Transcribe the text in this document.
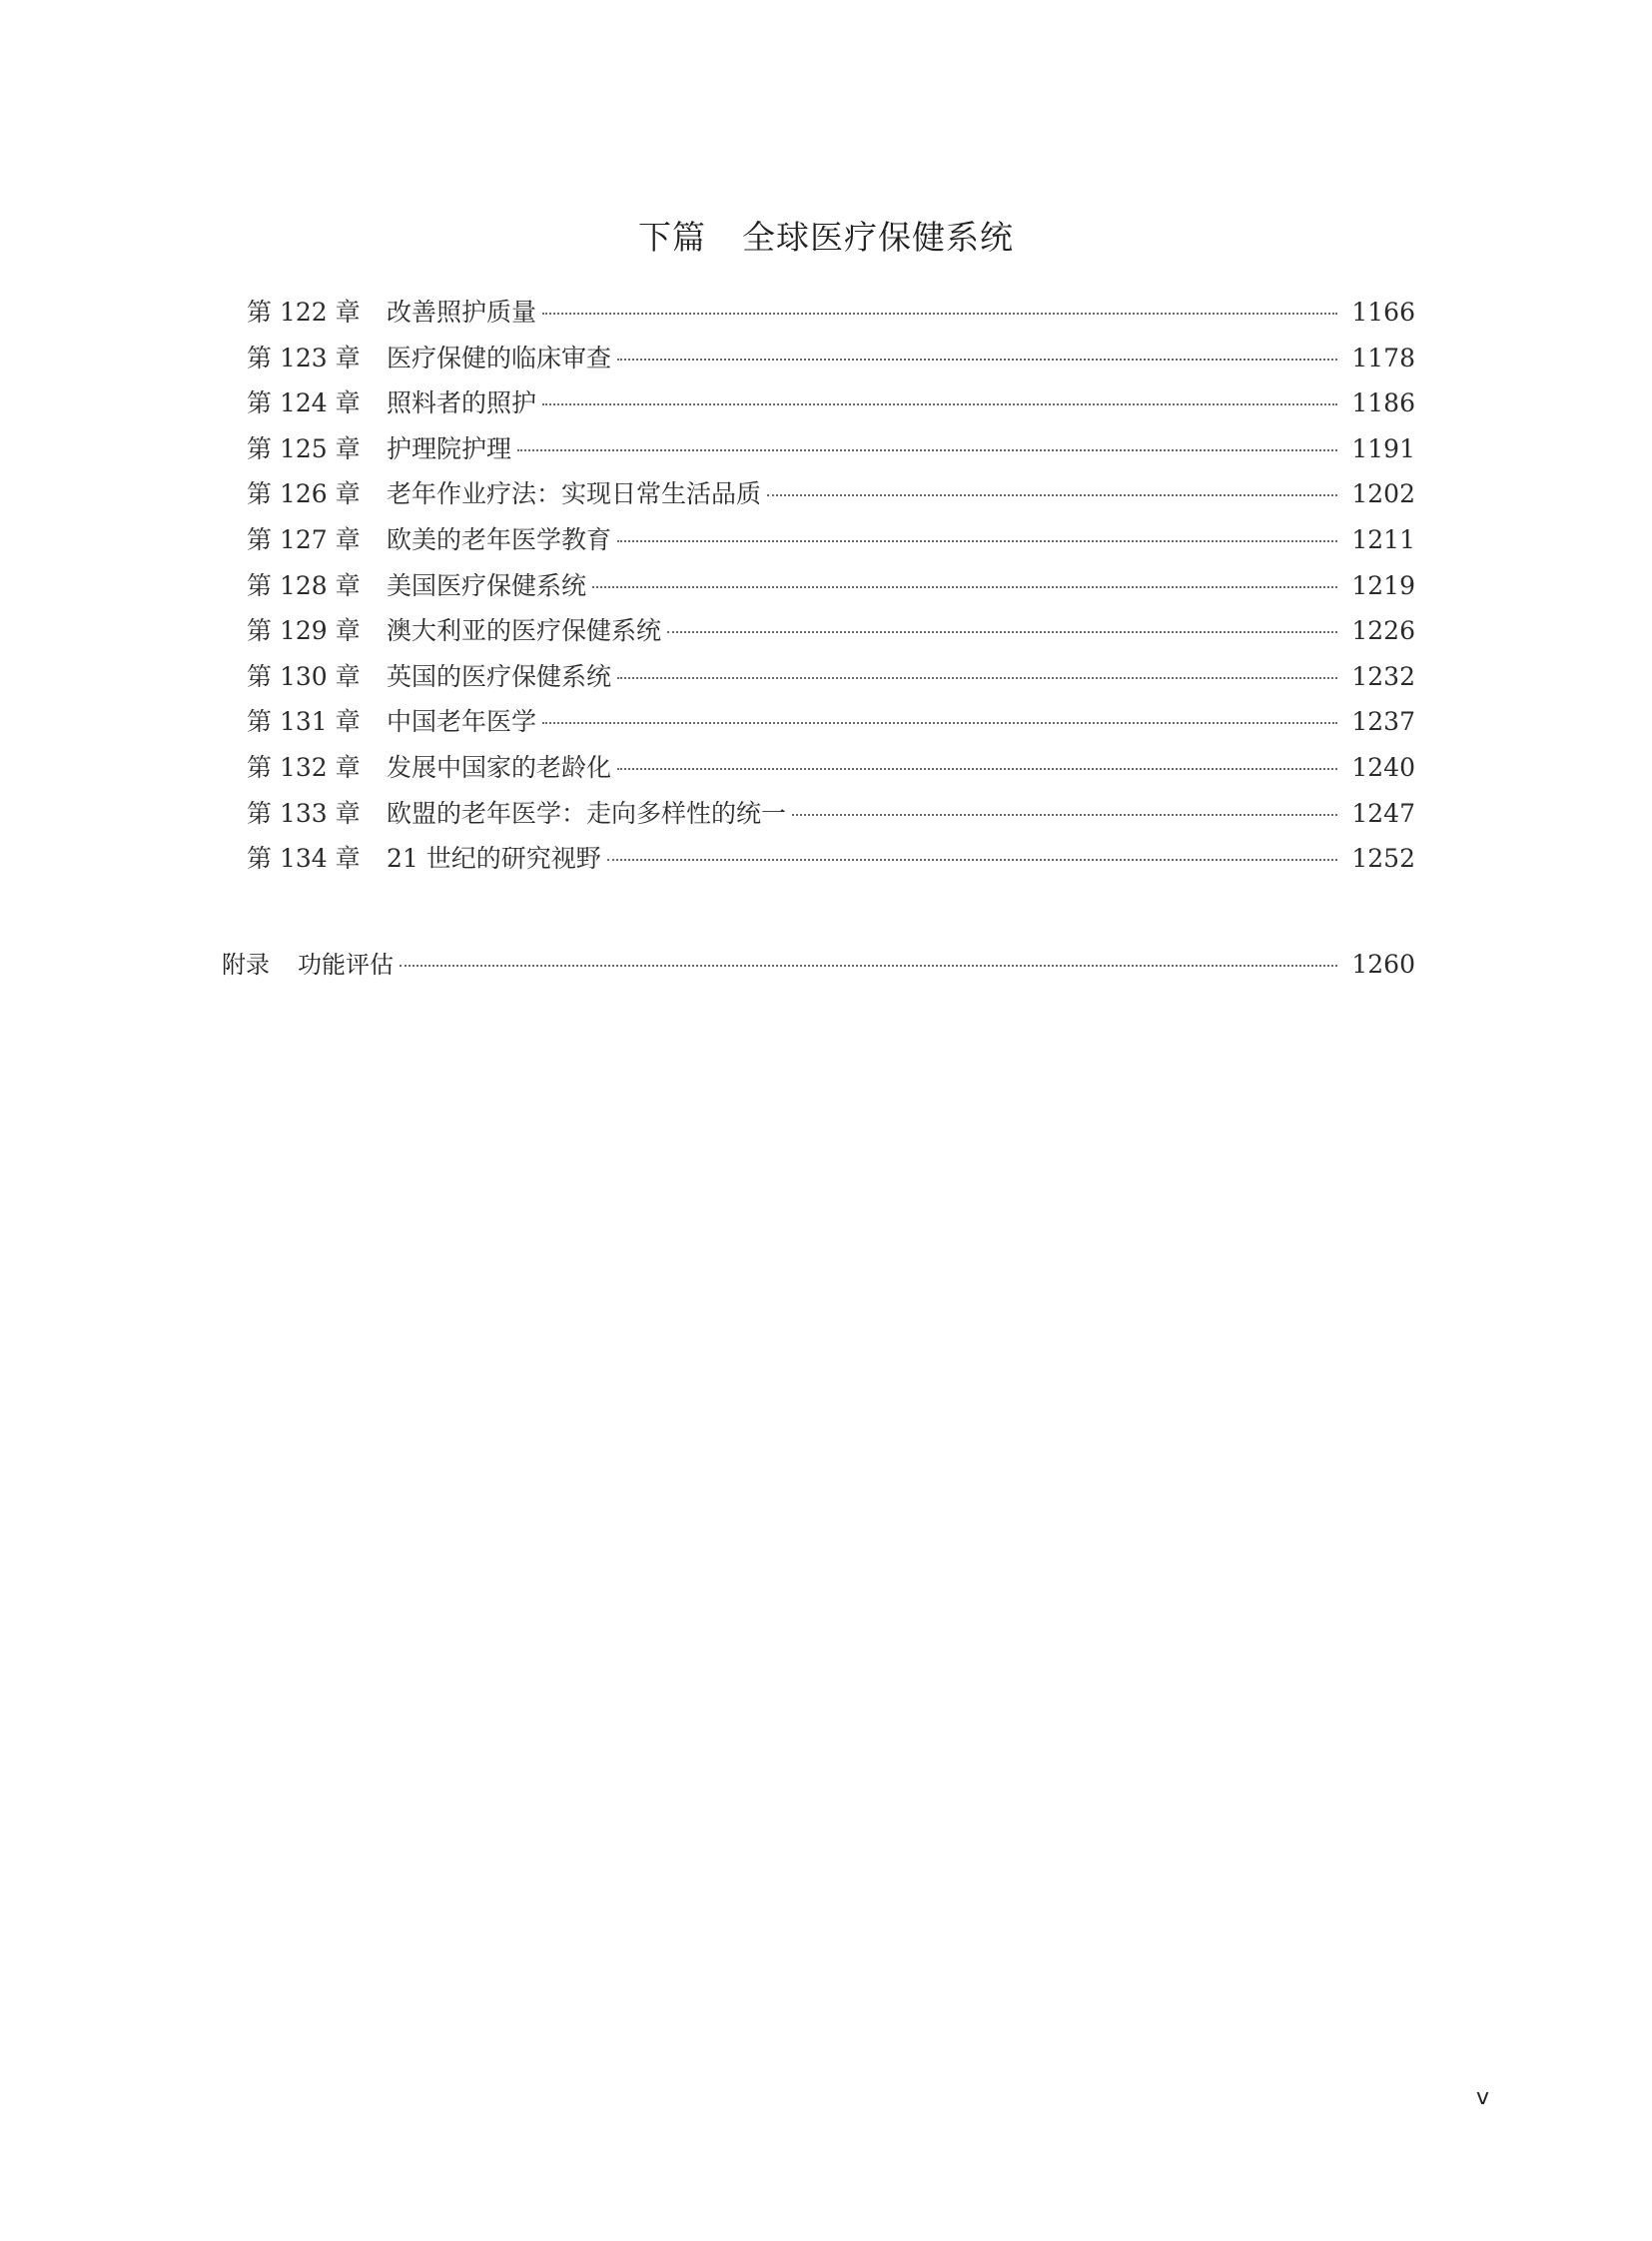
下篇 全球医疗保健系统
第 122 章	改善照护质量	1166
第 123 章	医疗保健的临床审查	1178
第 124 章	照料者的照护	1186
第 125 章	护理院护理	1191
第 126 章	老年作业疗法：实现日常生活品质	1202
第 127 章	欧美的老年医学教育	1211
第 128 章	美国医疗保健系统	1219
第 129 章	澳大利亚的医疗保健系统	1226
第 130 章	英国的医疗保健系统	1232
第 131 章	中国老年医学	1237
第 132 章	发展中国家的老龄化	1240
第 133 章	欧盟的老年医学：走向多样性的统一	1247
第 134 章	21 世纪的研究视野	1252
附录 功能评估	1260
v
